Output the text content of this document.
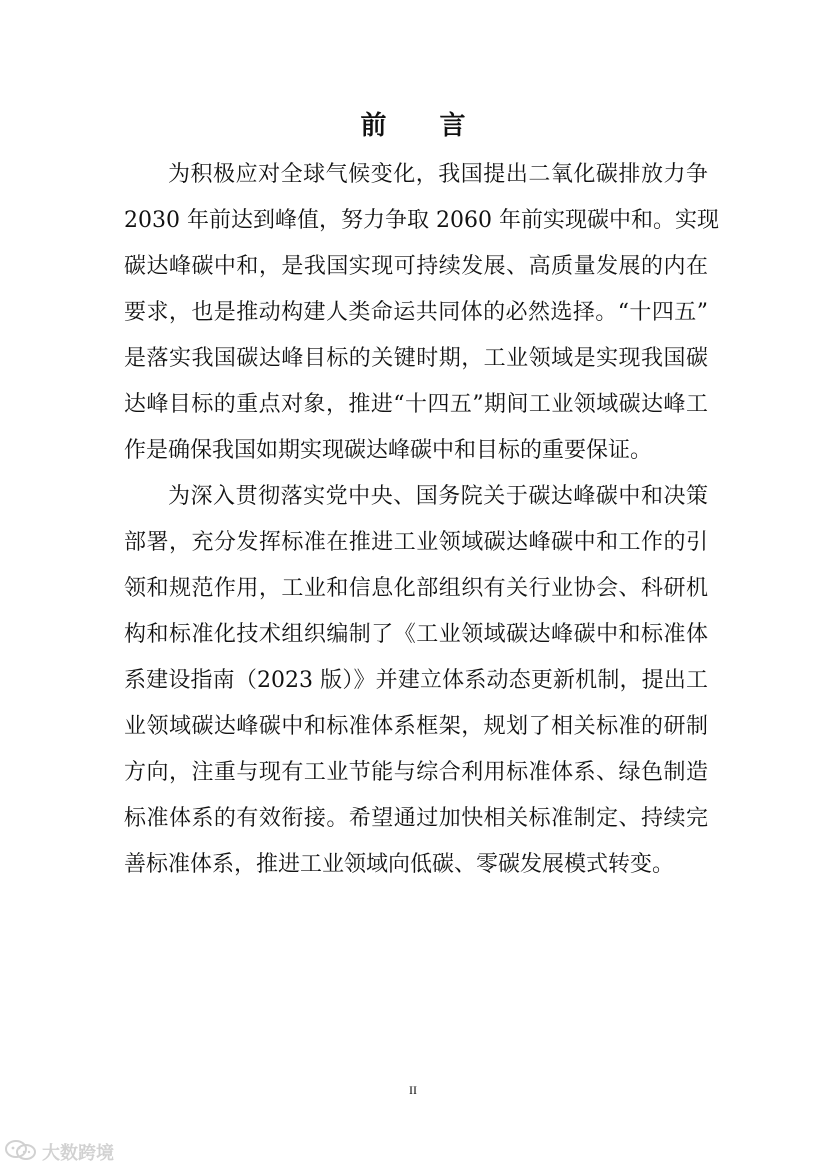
前 言
为积极应对全球气候变化，我国提出二氧化碳排放力争
2030 年前达到峰值，努力争取 2060 年前实现碳中和。实现
碳达峰碳中和，是我国实现可持续发展、高质量发展的内在
要求，也是推动构建人类命运共同体的必然选择。“十四五”
是落实我国碳达峰目标的关键时期，工业领域是实现我国碳
达峰目标的重点对象，推进“十四五”期间工业领域碳达峰工
作是确保我国如期实现碳达峰碳中和目标的重要保证。
为深入贯彻落实党中央、国务院关于碳达峰碳中和决策
部署，充分发挥标准在推进工业领域碳达峰碳中和工作的引
领和规范作用，工业和信息化部组织有关行业协会、科研机
构和标准化技术组织编制了《工业领域碳达峰碳中和标准体
系建设指南（2023 版）》并建立体系动态更新机制，提出工
业领域碳达峰碳中和标准体系框架，规划了相关标准的研制
方向，注重与现有工业节能与综合利用标准体系、绿色制造
标准体系的有效衔接。希望通过加快相关标准制定、持续完
善标准体系，推进工业领域向低碳、零碳发展模式转变。
II
大数跨境
